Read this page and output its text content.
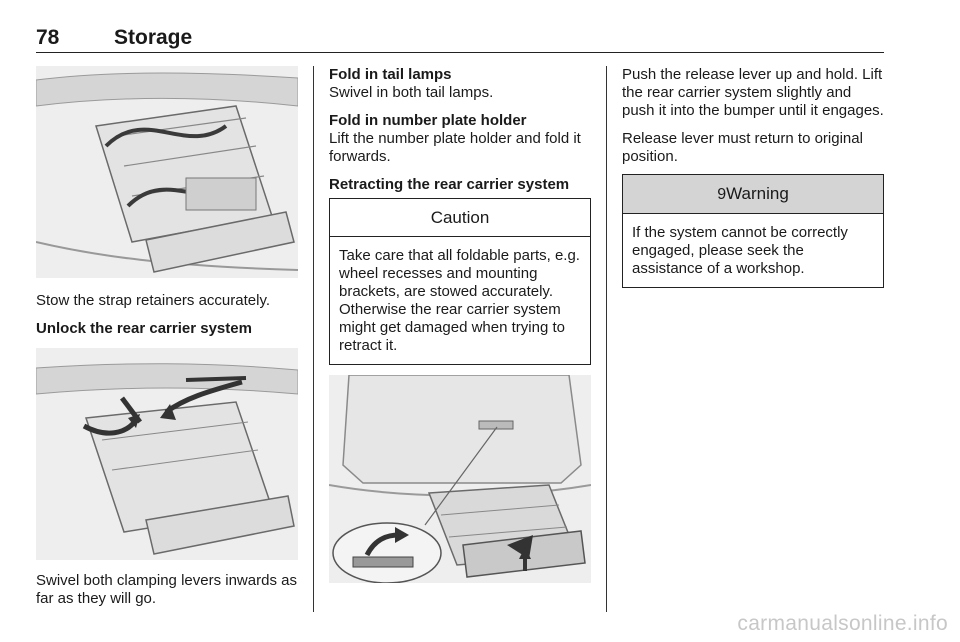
78	Storage

Stow the strap retainers accurately.

Unlock the rear carrier system

Swivel both clamping levers inwards as far as they will go.

Fold in tail lamps

Swivel in both tail lamps.

Fold in number plate holder

Lift the number plate holder and fold it forwards.

Retracting the rear carrier system

Caution
Take care that all foldable parts, e.g. wheel recesses and mounting brackets, are stowed accurately. Otherwise the rear carrier system might get damaged when trying to retract it.

Push the release lever up and hold. Lift the rear carrier system slightly and push it into the bumper until it engages.

Release lever must return to original position.

9Warning
If the system cannot be correctly engaged, please seek the assistance of a workshop.
carmanualsonline.info
